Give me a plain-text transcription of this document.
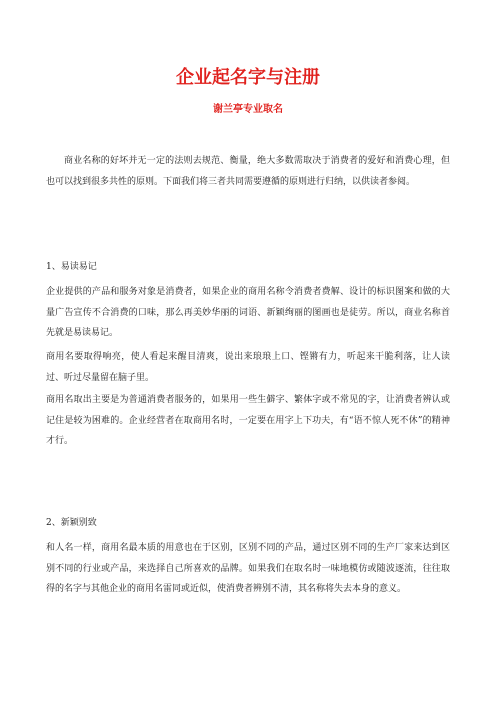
企业起名字与注册

谢兰亭专业取名

商业名称的好坏并无一定的法则去规范、衡量，绝大多数需取决于消费者的爱好和消费心理，但也可以找到很多共性的原则。下面我们将三者共同需要遵循的原则进行归纳，以供读者参阅。

1、易读易记

企业提供的产品和服务对象是消费者，如果企业的商用名称令消费者费解、设计的标识图案和做的大量广告宣传不合消费的口味，那么再美妙华丽的词语、新颖绚丽的图画也是徒劳。所以，商业名称首先就是易读易记。

商用名要取得响亮，使人看起来醒目清爽，说出来琅琅上口、铿锵有力，听起来干脆利落，让人读过、听过尽量留在脑子里。

商用名取出主要是为普通消费者服务的，如果用一些生僻字、繁体字或不常见的字，让消费者辨认或记住是较为困难的。企业经营者在取商用名时，一定要在用字上下功夫，有“语不惊人死不休”的精神才行。

2、新颖别致

和人名一样，商用名最本质的用意也在于区别，区别不同的产品，通过区别不同的生产厂家来达到区别不同的行业或产品，来选择自己所喜欢的品牌。如果我们在取名时一味地模仿或随波逐流，往往取得的名字与其他企业的商用名雷同或近似，使消费者辨别不清，其名称将失去本身的意义。
